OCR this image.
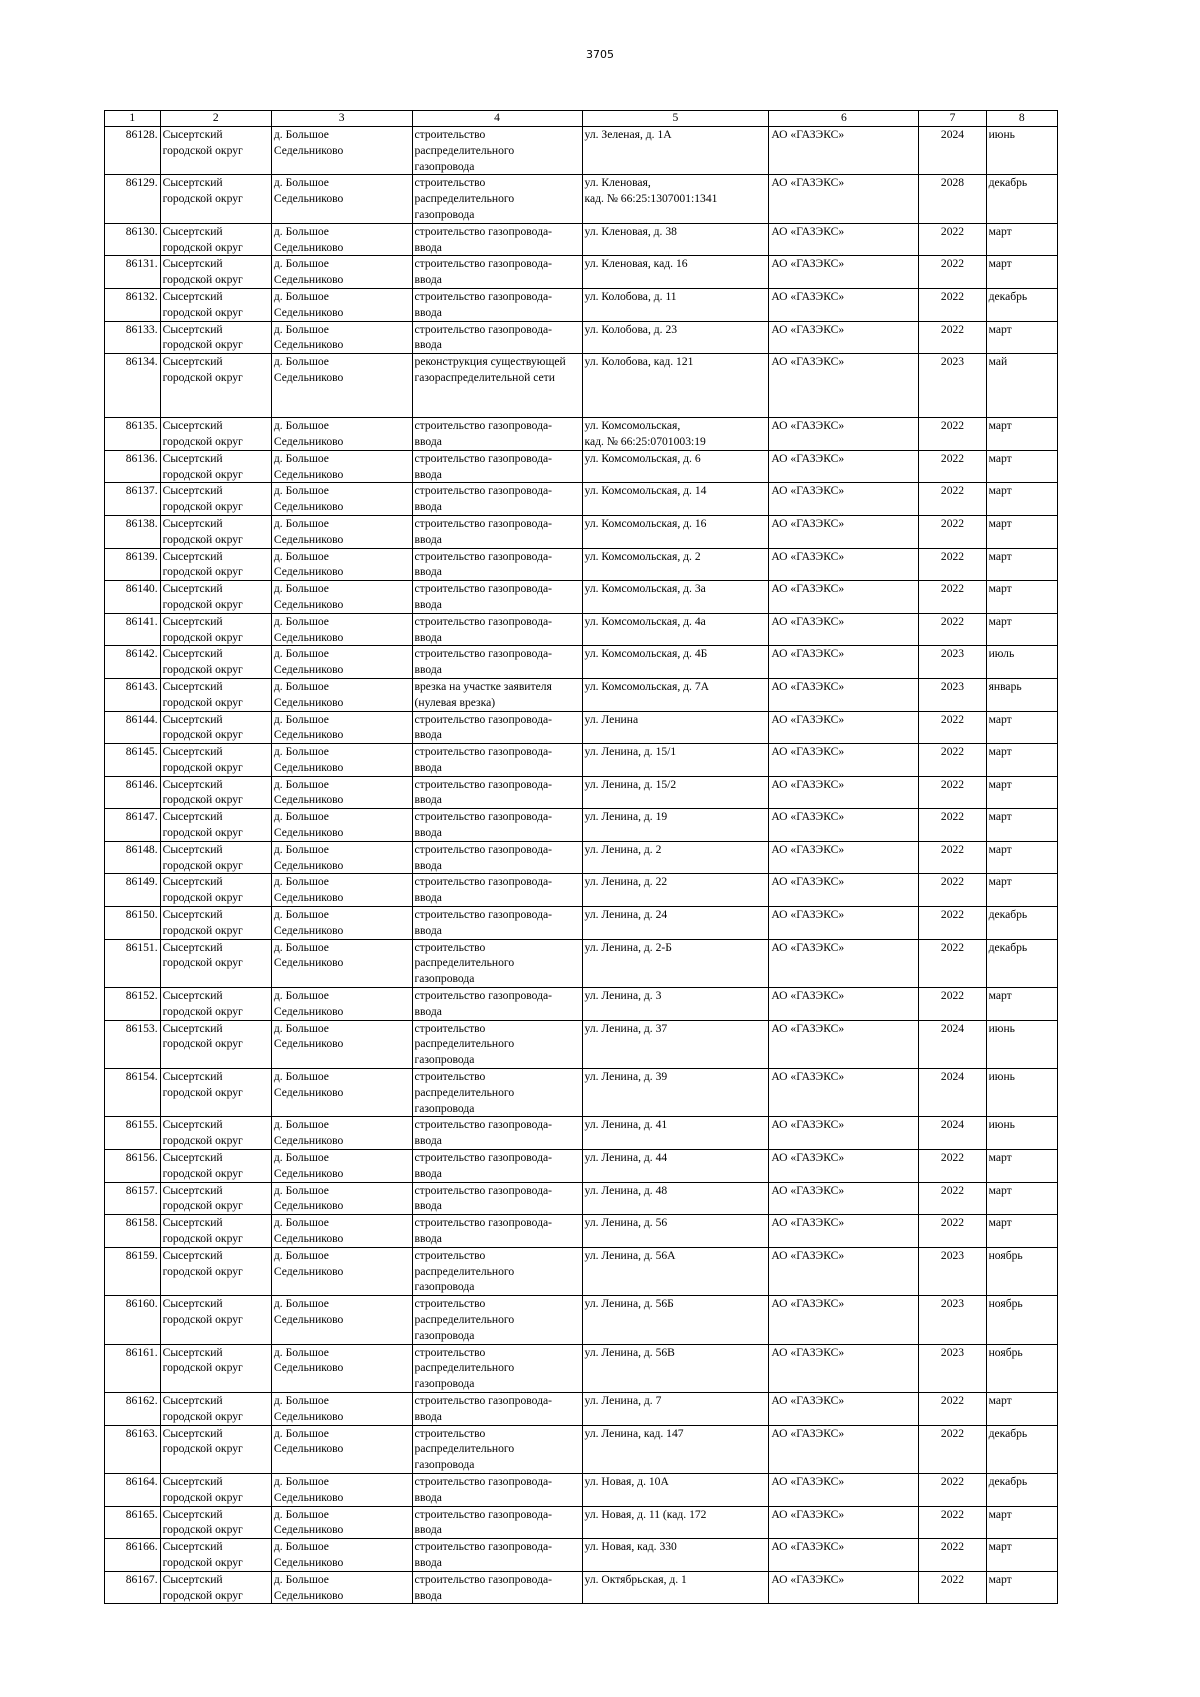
3705
1	2	3	4	5	6	7	8
86128.	Сысертский
городской округ	д. Большое
Седельниково	строительство
распределительного
газопровода	ул. Зеленая, д. 1А	АО «ГАЗЭКС»	2024	июнь
86129.	Сысертский
городской округ	д. Большое
Седельниково	строительство
распределительного
газопровода	ул. Кленовая,
кад. № 66:25:1307001:1341	АО «ГАЗЭКС»	2028	декабрь
86130.	Сысертский
городской округ	д. Большое
Седельниково	строительство газопровода-
ввода	ул. Кленовая, д. 38	АО «ГАЗЭКС»	2022	март
86131.	Сысертский
городской округ	д. Большое
Седельниково	строительство газопровода-
ввода	ул. Кленовая, кад. 16	АО «ГАЗЭКС»	2022	март
86132.	Сысертский
городской округ	д. Большое
Седельниково	строительство газопровода-
ввода	ул. Колобова, д. 11	АО «ГАЗЭКС»	2022	декабрь
86133.	Сысертский
городской округ	д. Большое
Седельниково	строительство газопровода-
ввода	ул. Колобова, д. 23	АО «ГАЗЭКС»	2022	март
86134.	Сысертский
городской округ	д. Большое
Седельниково	реконструкция существующей
газораспределительной сети	ул. Колобова, кад. 121	АО «ГАЗЭКС»	2023	май
86135.	Сысертский
городской округ	д. Большое
Седельниково	строительство газопровода-
ввода	ул. Комсомольская,
кад. № 66:25:0701003:19	АО «ГАЗЭКС»	2022	март
86136.	Сысертский
городской округ	д. Большое
Седельниково	строительство газопровода-
ввода	ул. Комсомольская, д. 6	АО «ГАЗЭКС»	2022	март
86137.	Сысертский
городской округ	д. Большое
Седельниково	строительство газопровода-
ввода	ул. Комсомольская, д. 14	АО «ГАЗЭКС»	2022	март
86138.	Сысертский
городской округ	д. Большое
Седельниково	строительство газопровода-
ввода	ул. Комсомольская, д. 16	АО «ГАЗЭКС»	2022	март
86139.	Сысертский
городской округ	д. Большое
Седельниково	строительство газопровода-
ввода	ул. Комсомольская, д. 2	АО «ГАЗЭКС»	2022	март
86140.	Сысертский
городской округ	д. Большое
Седельниково	строительство газопровода-
ввода	ул. Комсомольская, д. 3а	АО «ГАЗЭКС»	2022	март
86141.	Сысертский
городской округ	д. Большое
Седельниково	строительство газопровода-
ввода	ул. Комсомольская, д. 4а	АО «ГАЗЭКС»	2022	март
86142.	Сысертский
городской округ	д. Большое
Седельниково	строительство газопровода-
ввода	ул. Комсомольская, д. 4Б	АО «ГАЗЭКС»	2023	июль
86143.	Сысертский
городской округ	д. Большое
Седельниково	врезка на участке заявителя
(нулевая врезка)	ул. Комсомольская, д. 7А	АО «ГАЗЭКС»	2023	январь
86144.	Сысертский
городской округ	д. Большое
Седельниково	строительство газопровода-
ввода	ул. Ленина	АО «ГАЗЭКС»	2022	март
86145.	Сысертский
городской округ	д. Большое
Седельниково	строительство газопровода-
ввода	ул. Ленина, д. 15/1	АО «ГАЗЭКС»	2022	март
86146.	Сысертский
городской округ	д. Большое
Седельниково	строительство газопровода-
ввода	ул. Ленина, д. 15/2	АО «ГАЗЭКС»	2022	март
86147.	Сысертский
городской округ	д. Большое
Седельниково	строительство газопровода-
ввода	ул. Ленина, д. 19	АО «ГАЗЭКС»	2022	март
86148.	Сысертский
городской округ	д. Большое
Седельниково	строительство газопровода-
ввода	ул. Ленина, д. 2	АО «ГАЗЭКС»	2022	март
86149.	Сысертский
городской округ	д. Большое
Седельниково	строительство газопровода-
ввода	ул. Ленина, д. 22	АО «ГАЗЭКС»	2022	март
86150.	Сысертский
городской округ	д. Большое
Седельниково	строительство газопровода-
ввода	ул. Ленина, д. 24	АО «ГАЗЭКС»	2022	декабрь
86151.	Сысертский
городской округ	д. Большое
Седельниково	строительство
распределительного
газопровода	ул. Ленина, д. 2-Б	АО «ГАЗЭКС»	2022	декабрь
86152.	Сысертский
городской округ	д. Большое
Седельниково	строительство газопровода-
ввода	ул. Ленина, д. 3	АО «ГАЗЭКС»	2022	март
86153.	Сысертский
городской округ	д. Большое
Седельниково	строительство
распределительного
газопровода	ул. Ленина, д. 37	АО «ГАЗЭКС»	2024	июнь
86154.	Сысертский
городской округ	д. Большое
Седельниково	строительство
распределительного
газопровода	ул. Ленина, д. 39	АО «ГАЗЭКС»	2024	июнь
86155.	Сысертский
городской округ	д. Большое
Седельниково	строительство газопровода-
ввода	ул. Ленина, д. 41	АО «ГАЗЭКС»	2024	июнь
86156.	Сысертский
городской округ	д. Большое
Седельниково	строительство газопровода-
ввода	ул. Ленина, д. 44	АО «ГАЗЭКС»	2022	март
86157.	Сысертский
городской округ	д. Большое
Седельниково	строительство газопровода-
ввода	ул. Ленина, д. 48	АО «ГАЗЭКС»	2022	март
86158.	Сысертский
городской округ	д. Большое
Седельниково	строительство газопровода-
ввода	ул. Ленина, д. 56	АО «ГАЗЭКС»	2022	март
86159.	Сысертский
городской округ	д. Большое
Седельниково	строительство
распределительного
газопровода	ул. Ленина, д. 56А	АО «ГАЗЭКС»	2023	ноябрь
86160.	Сысертский
городской округ	д. Большое
Седельниково	строительство
распределительного
газопровода	ул. Ленина, д. 56Б	АО «ГАЗЭКС»	2023	ноябрь
86161.	Сысертский
городской округ	д. Большое
Седельниково	строительство
распределительного
газопровода	ул. Ленина, д. 56В	АО «ГАЗЭКС»	2023	ноябрь
86162.	Сысертский
городской округ	д. Большое
Седельниково	строительство газопровода-
ввода	ул. Ленина, д. 7	АО «ГАЗЭКС»	2022	март
86163.	Сысертский
городской округ	д. Большое
Седельниково	строительство
распределительного
газопровода	ул. Ленина, кад. 147	АО «ГАЗЭКС»	2022	декабрь
86164.	Сысертский
городской округ	д. Большое
Седельниково	строительство газопровода-
ввода	ул. Новая, д. 10А	АО «ГАЗЭКС»	2022	декабрь
86165.	Сысертский
городской округ	д. Большое
Седельниково	строительство газопровода-
ввода	ул. Новая, д. 11 (кад. 172	АО «ГАЗЭКС»	2022	март
86166.	Сысертский
городской округ	д. Большое
Седельниково	строительство газопровода-
ввода	ул. Новая, кад. 330	АО «ГАЗЭКС»	2022	март
86167.	Сысертский
городской округ	д. Большое
Седельниково	строительство газопровода-
ввода	ул. Октябрьская, д. 1	АО «ГАЗЭКС»	2022	март
